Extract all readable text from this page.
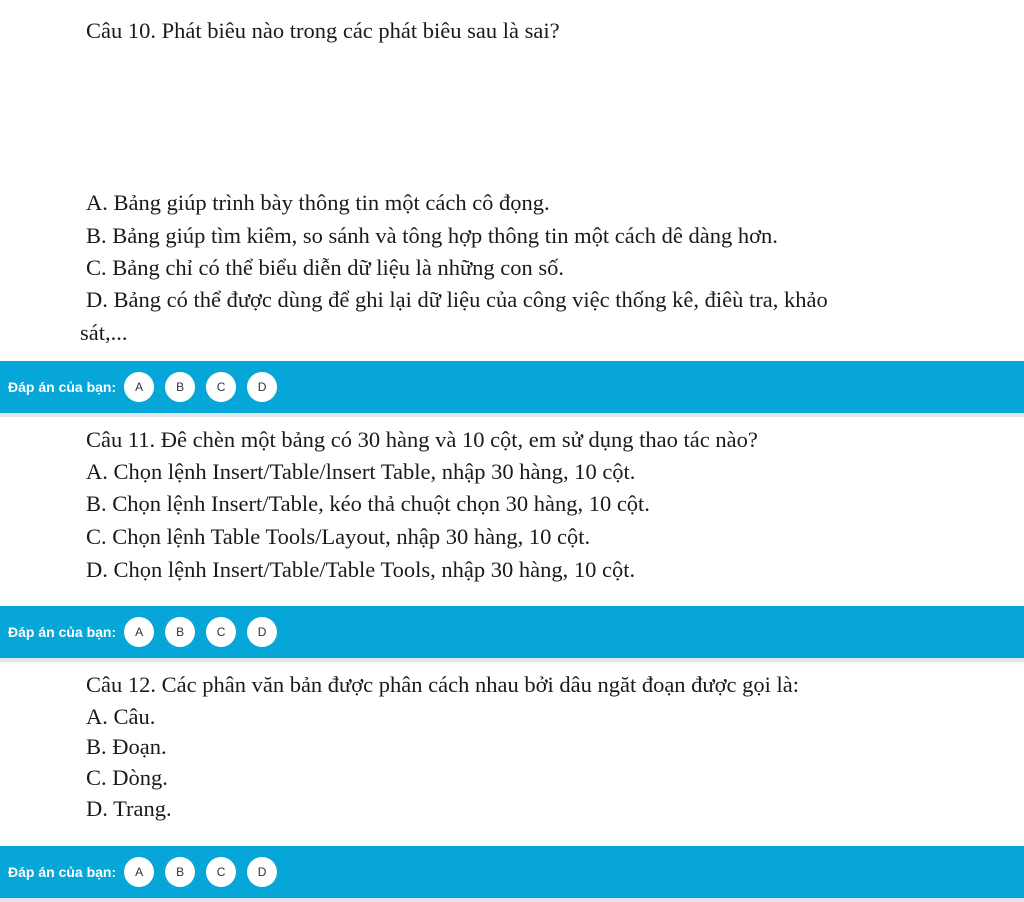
Câu 10. Phát biêu nào trong các phát biêu sau là sai?
A. Bảng giúp trình bày thông tin một cách cô đọng.
B. Bảng giúp tìm kiêm, so sánh và tông hợp thông tin một cách dê dàng hơn.
C. Bảng chỉ có thể biểu diễn dữ liệu là những con số.
D. Bảng có thể được dùng để ghi lại dữ liệu của công việc thống kê, điêù tra, khảo
sát,...
Đáp án của bạn:	A	B	C	D
Câu 11. Đê chèn một bảng có 30 hàng và 10 cột, em sử dụng thao tác nào?
A. Chọn lệnh Insert/Table/lnsert Table, nhập 30 hàng, 10 cột.
B. Chọn lệnh Insert/Table, kéo thả chuột chọn 30 hàng, 10 cột.
C. Chọn lệnh Table Tools/Layout, nhập 30 hàng, 10 cột.
D. Chọn lệnh Insert/Table/Table Tools, nhập 30 hàng, 10 cột.
Đáp án của bạn:	A	B	C	D
Câu 12. Các phân văn bản được phân cách nhau bởi dâu ngăt đoạn được gọi là:
A. Câu.
B. Đoạn.
C. Dòng.
D. Trang.
Đáp án của bạn:	A	B	C	D
